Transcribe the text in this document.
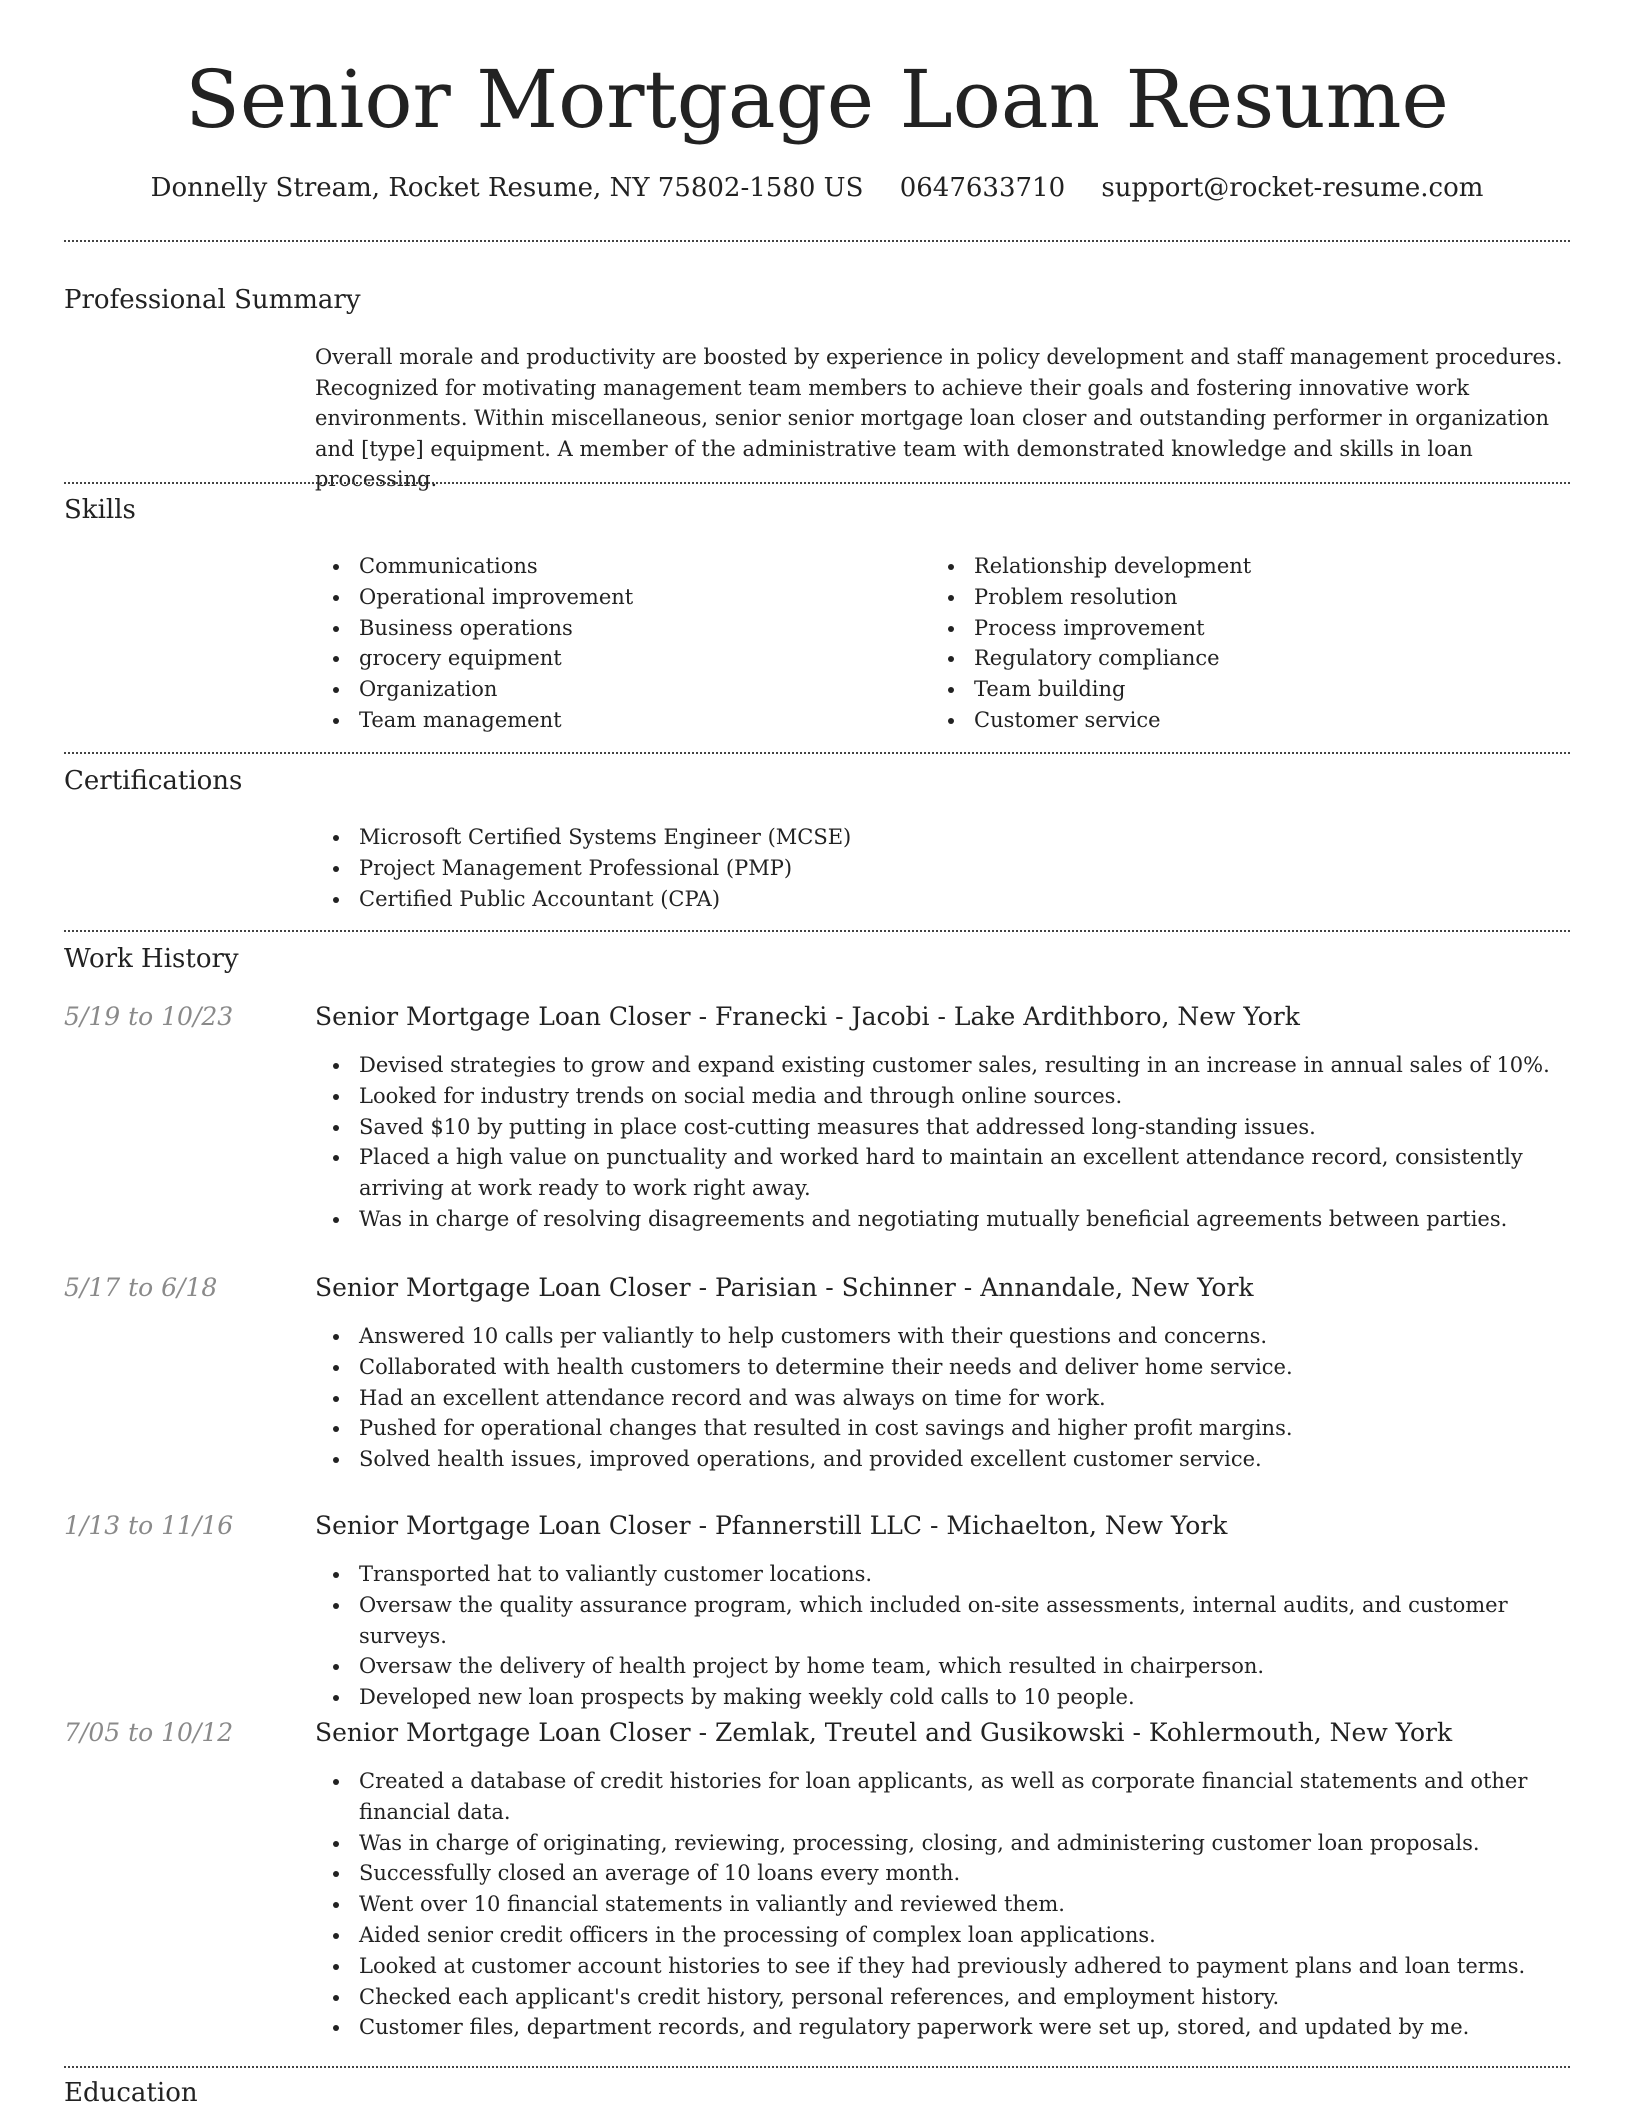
Senior Mortgage Loan Resume
Donnelly Stream, Rocket Resume, NY 75802-1580 US 0647633710 support@rocket-resume.com
Professional Summary

Overall morale and productivity are boosted by experience in policy development and staff management procedures. Recognized for motivating management team members to achieve their goals and fostering innovative work environments. Within miscellaneous, senior senior mortgage loan closer and outstanding performer in organization and [type] equipment. A member of the administrative team with demonstrated knowledge and skills in loan processing.

Skills
Communications
Operational improvement
Business operations
grocery equipment
Organization
Team management
Relationship development
Problem resolution
Process improvement
Regulatory compliance
Team building
Customer service
Certifications
Microsoft Certified Systems Engineer (MCSE)
Project Management Professional (PMP)
Certified Public Accountant (CPA)
Work History
5/19 to 10/23	Senior Mortgage Loan Closer - Franecki - Jacobi - Lake Ardithboro, New York
Devised strategies to grow and expand existing customer sales, resulting in an increase in annual sales of 10%.
Looked for industry trends on social media and through online sources.
Saved $10 by putting in place cost-cutting measures that addressed long-standing issues.
Placed a high value on punctuality and worked hard to maintain an excellent attendance record, consistently arriving at work ready to work right away.
Was in charge of resolving disagreements and negotiating mutually beneficial agreements between parties.
5/17 to 6/18	Senior Mortgage Loan Closer - Parisian - Schinner - Annandale, New York
Answered 10 calls per valiantly to help customers with their questions and concerns.
Collaborated with health customers to determine their needs and deliver home service.
Had an excellent attendance record and was always on time for work.
Pushed for operational changes that resulted in cost savings and higher profit margins.
Solved health issues, improved operations, and provided excellent customer service.
1/13 to 11/16	Senior Mortgage Loan Closer - Pfannerstill LLC - Michaelton, New York
Transported hat to valiantly customer locations.
Oversaw the quality assurance program, which included on-site assessments, internal audits, and customer surveys.
Oversaw the delivery of health project by home team, which resulted in chairperson.
Developed new loan prospects by making weekly cold calls to 10 people.
7/05 to 10/12	Senior Mortgage Loan Closer - Zemlak, Treutel and Gusikowski - Kohlermouth, New York
Created a database of credit histories for loan applicants, as well as corporate financial statements and other financial data.
Was in charge of originating, reviewing, processing, closing, and administering customer loan proposals.
Successfully closed an average of 10 loans every month.
Went over 10 financial statements in valiantly and reviewed them.
Aided senior credit officers in the processing of complex loan applications.
Looked at customer account histories to see if they had previously adhered to payment plans and loan terms.
Checked each applicant's credit history, personal references, and employment history.
Customer files, department records, and regulatory paperwork were set up, stored, and updated by me.
Education
